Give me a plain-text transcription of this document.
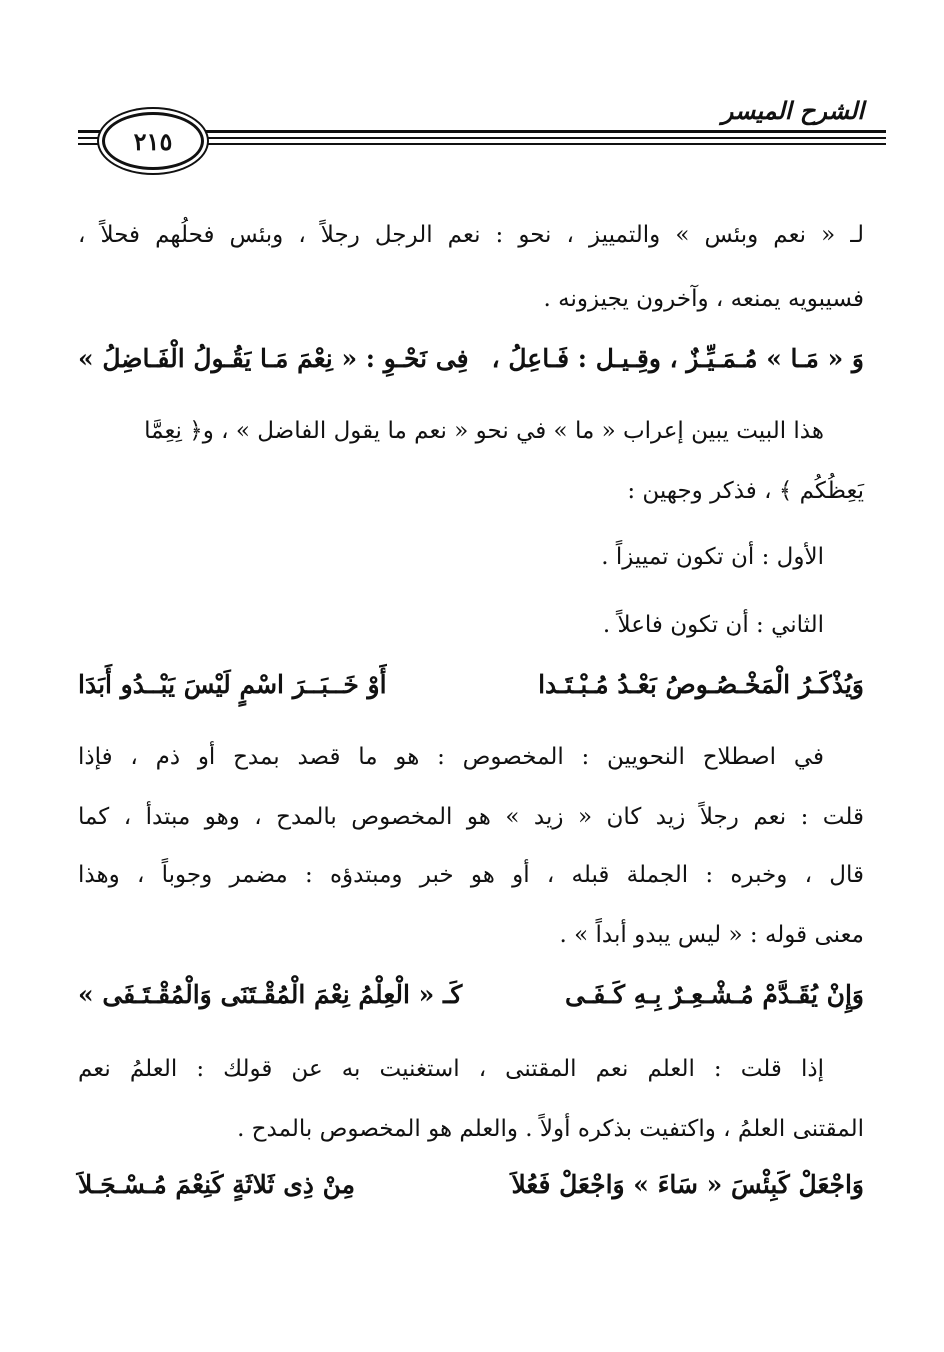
الشرح الميسر
٢١٥
لـ « نعم وبئس » والتمييز ، نحو : نعم الرجل رجلاً ، وبئس فحلُهم فحلاً ،
فسيبويه يمنعه ، وآخرون يجيزونه .
وَ « مَـا » مُـمَـيِّـزٌ ، وقِـيـل : فَـاعِلُ ،
فِى نَحْـوِ : « نِعْمَ مَـا يَقُـولُ الْفَـاضِلُ »
هذا البيت يبين إعراب « ما » في نحو « نعم ما يقول الفاضل » ، و﴿ نِعِمَّا
يَعِظُكُم ﴾ ، فذكر وجهين :
الأول : أن تكون تمييزاً .
الثاني : أن تكون فاعلاً .
وَيُذْكَـرُ الْمَخْـصُـوصُ بَعْـدُ مُـبْـتَـدا
أَوْ خَــبَــرَ اسْمٍ لَيْسَ يَبْــدُو أَبَدَا
في اصطلاح النحويين : المخصوص : هو ما قصد بمدح أو ذم ، فإذا
قلت : نعم رجلاً زيد كان « زيد » هو المخصوص بالمدح ، وهو مبتدأ ، كما
قال ، وخبره : الجملة قبله ، أو هو خبر ومبتدؤه : مضمر وجوباً ، وهذا
معنى قوله : « ليس يبدو أبداً » .
وَإِنْ يُقَـدَّمْ مُـشْـعِـرٌ بِـهِ كَـفَـى
كَـ « الْعِلْمُ نِعْمَ الْمُقْـتَنَى وَالْمُقْـتَـفَى »
إذا قلت : العلم نعم المقتنى ، استغنيت به عن قولك : العلمُ نعم
المقتنى العلمُ ، واكتفيت بذكره أولاً . والعلم هو المخصوص بالمدح .
وَاجْعَلْ كَبِئْسَ « سَاءَ » وَاجْعَلْ فَعُلاَ
مِنْ ذِى ثَلاثَةٍ كَنِعْمَ مُـسْـجَـلاَ
